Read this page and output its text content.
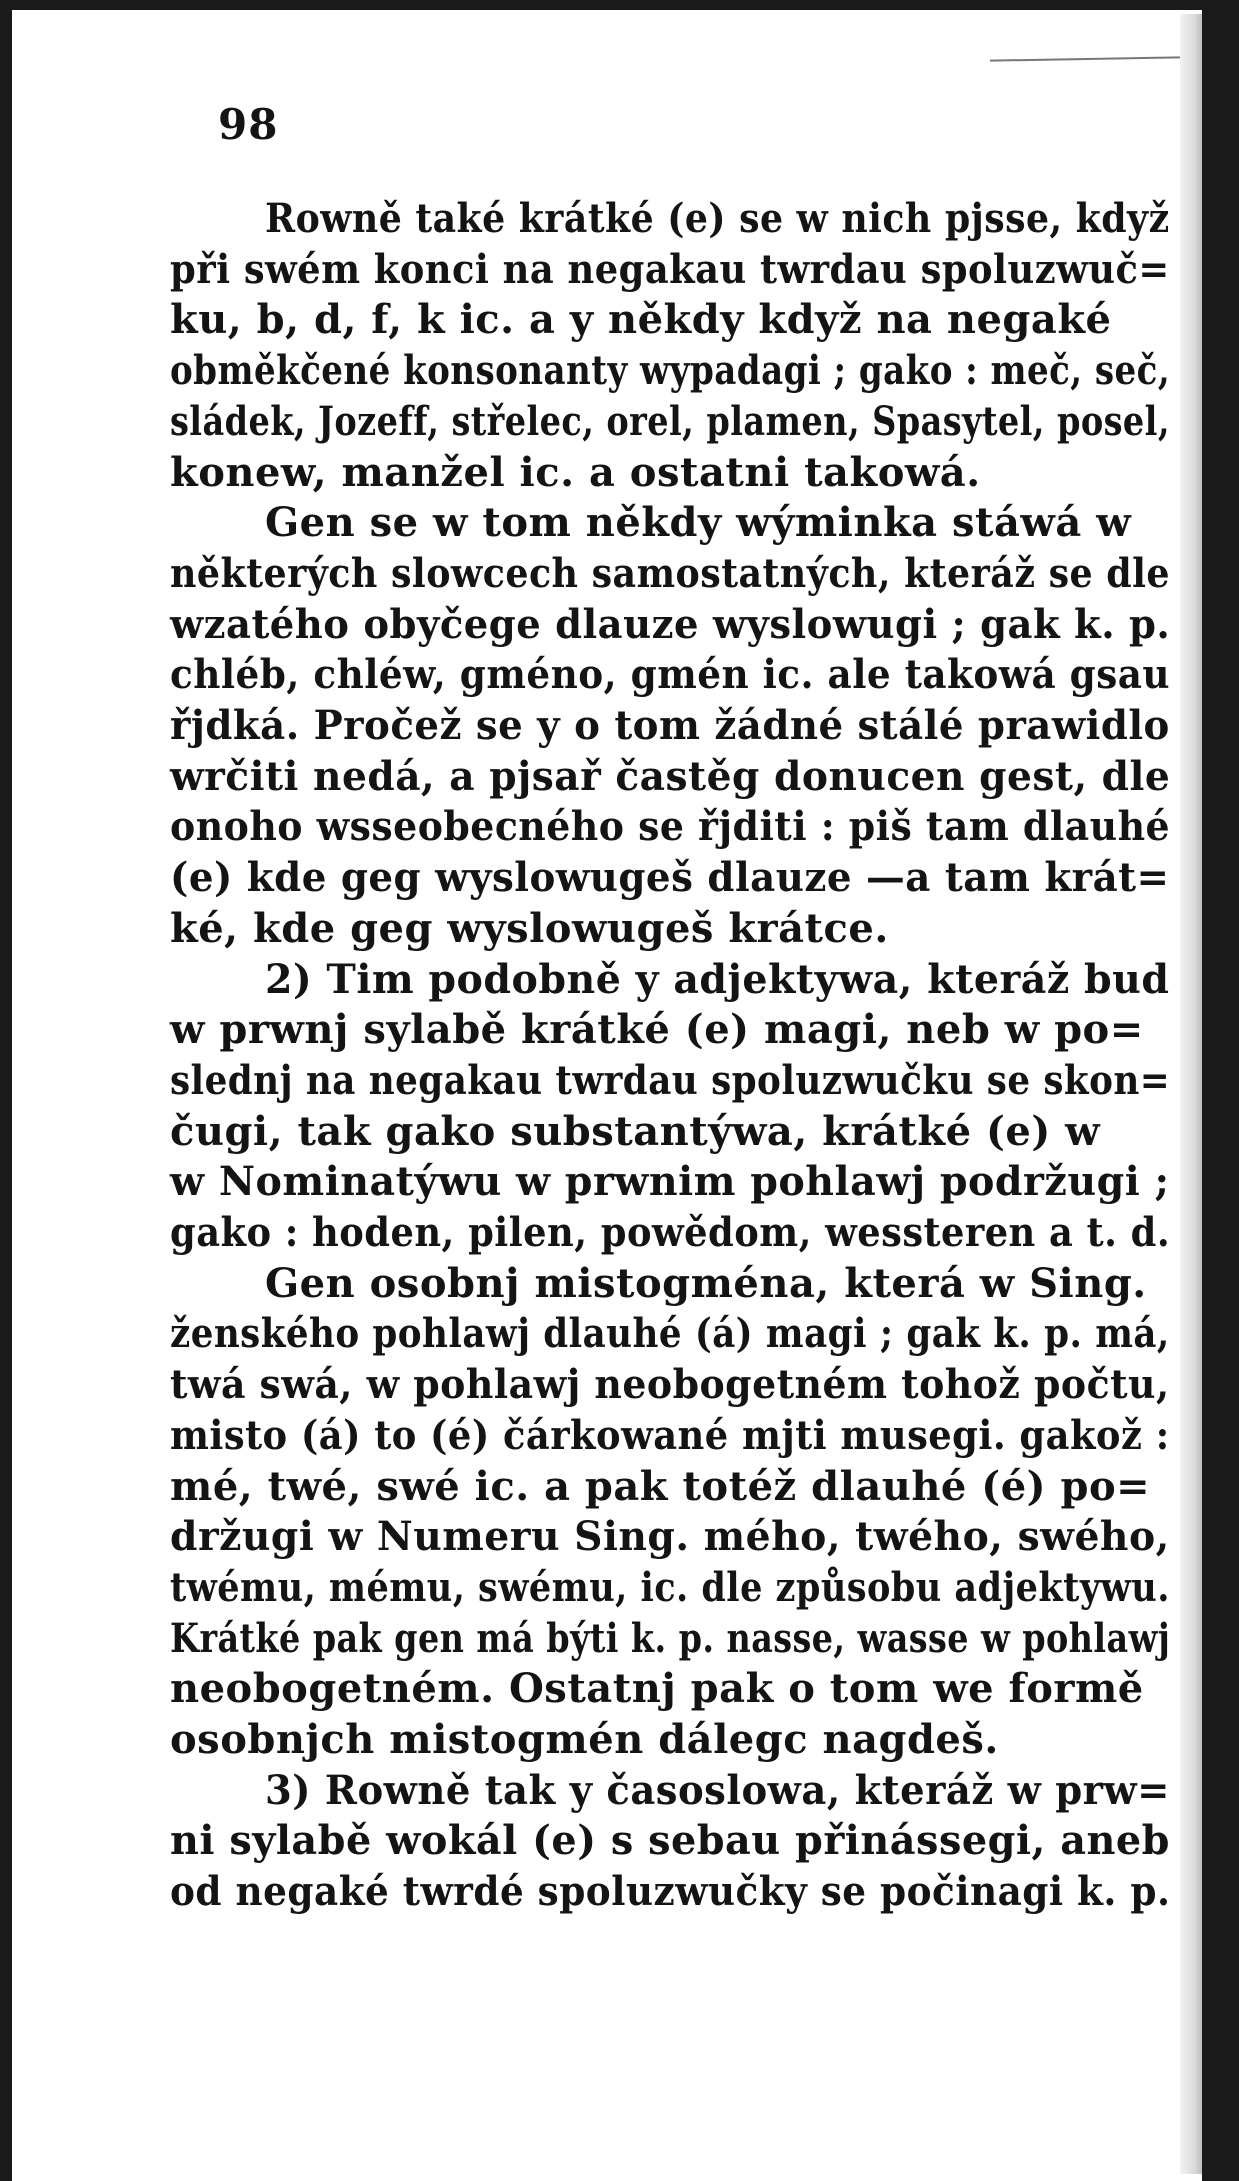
98
Rowně také krátké (e) se w nich pjsse, když
při swém konci na negakau twrdau spoluzwuč=
ku, b, d, f, k ic. a y někdy když na negaké
obměkčené konsonanty wypadagi ; gako : meč, seč,
sládek, Jozeff, střelec, orel, plamen, Spasytel, posel,
konew, manžel ic. a ostatni takowá.
Gen se w tom někdy wýminka stáwá w
některých slowcech samostatných, kteráž se dle
wzatého obyčege dlauze wyslowugi ; gak k. p.
chléb, chléw, gméno, gmén ic. ale takowá gsau
řjdká. Pročež se y o tom žádné stálé prawidlo
wrčiti nedá, a pjsař častěg donucen gest, dle
onoho wsseobecného se řjditi : piš tam dlauhé
(e) kde geg wyslowugeš dlauze —a tam krát=
ké, kde geg wyslowugeš krátce.
2) Tim podobně y adjektywa, kteráž bud
w prwnj sylabě krátké (e) magi, neb w po=
slednj na negakau twrdau spoluzwučku se skon=
čugi, tak gako substantýwa, krátké (e) w
w Nominatýwu w prwnim pohlawj podržugi ;
gako : hoden, pilen, powědom, wessteren a t. d.
Gen osobnj mistogména, která w Sing.
ženského pohlawj dlauhé (á) magi ; gak k. p. má,
twá swá, w pohlawj neobogetném tohož počtu,
misto (á) to (é) čárkowané mjti musegi. gakož :
mé, twé, swé ic. a pak totéž dlauhé (é) po=
držugi w Numeru Sing. mého, twého, swého,
twému, mému, swému, ic. dle způsobu adjektywu.
Krátké pak gen má býti k. p. nasse, wasse w pohlawj
neobogetném. Ostatnj pak o tom we formě
osobnjch mistogmén dálegc nagdeš.
3) Rowně tak y časoslowa, kteráž w prw=
ni sylabě wokál (e) s sebau přinássegi, aneb
od negaké twrdé spoluzwučky se počinagi k. p.
